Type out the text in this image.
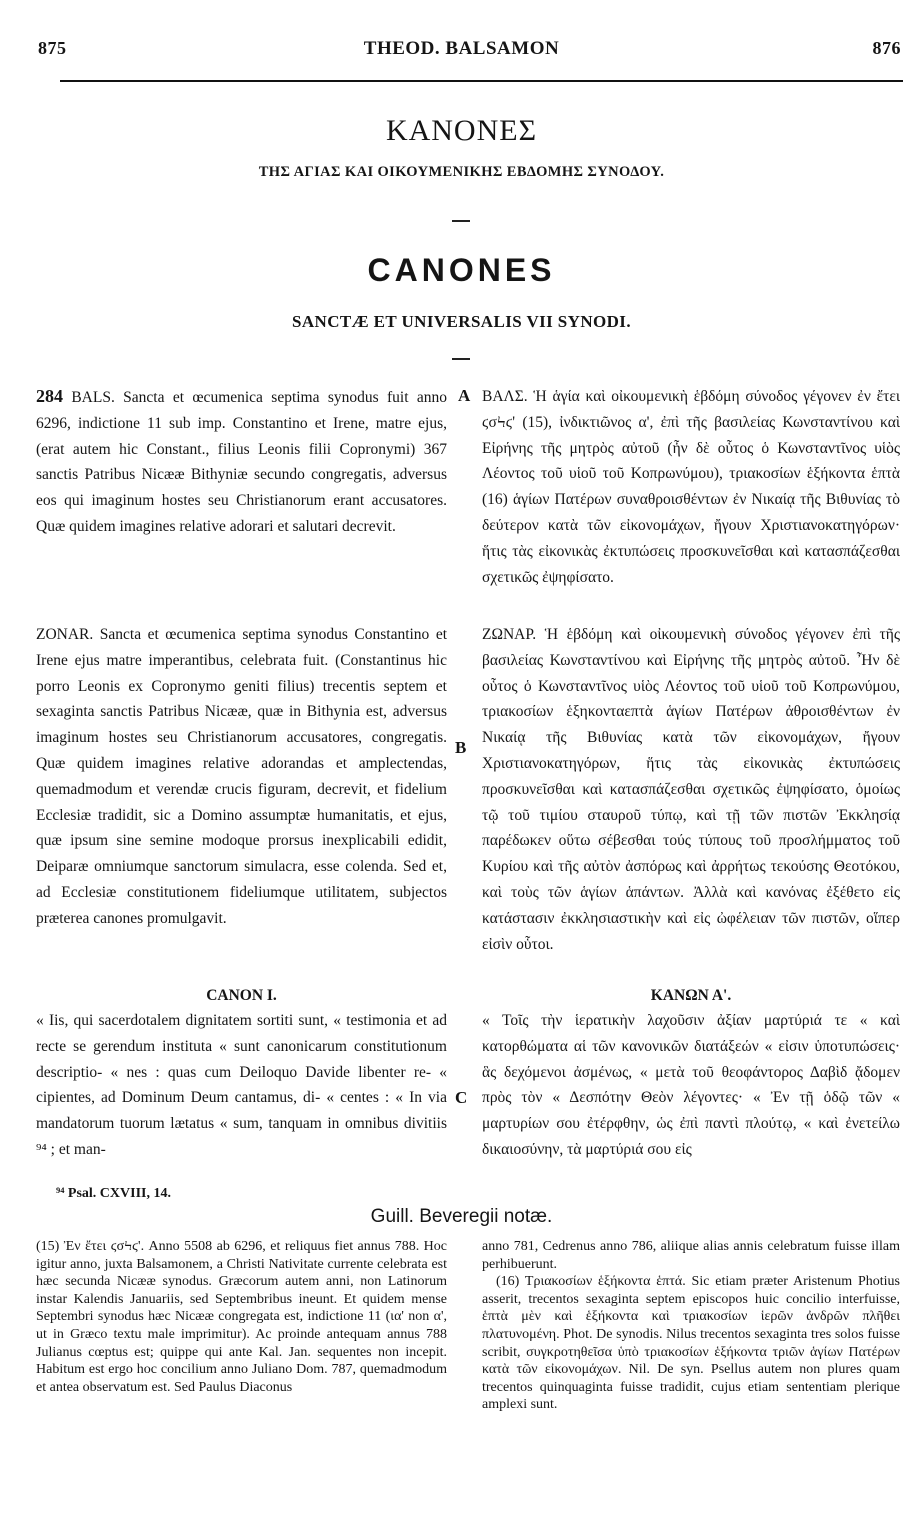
875	THEOD. BALSAMON	876
ΚΑΝΟΝΕΣ
ΤΗΣ ΑΓΙΑΣ ΚΑΙ ΟΙΚΟΥΜΕΝΙΚΗΣ ΕΒΔΟΜΗΣ ΣΥΝΟΔΟΥ.
CANONES
SANCTÆ ET UNIVERSALIS VII SYNODI.
A
B
C

284 BALS. Sancta et œcumenica septima synodus fuit anno 6296, indictione 11 sub imp. Constantino et Irene, matre ejus, (erat autem hic Constant., filius Leonis filii Copronymi) 367 sanctis Patribus Nicææ Bithyniæ secundo congregatis, adversus eos qui imaginum hostes seu Christianorum erant accusatores. Quæ quidem imagines relative adorari et salutari decrevit.

ZONAR. Sancta et œcumenica septima synodus Constantino et Irene ejus matre imperantibus, celebrata fuit. (Constantinus hic porro Leonis ex Copronymo geniti filius) trecentis septem et sexaginta sanctis Patribus Nicææ, quæ in Bithynia est, adversus imaginum hostes seu Christianorum accusatores, congregatis. Quæ quidem imagines relative adorandas et amplectendas, quemadmodum et verendæ crucis figuram, decrevit, et fidelium Ecclesiæ tradidit, sic a Domino assumptæ humanitatis, et ejus, quæ ipsum sine semine modoque prorsus inexplicabili edidit, Deiparæ omniumque sanctorum simulacra, esse colenda. Sed et, ad Ecclesiæ constitutionem fideliumque utilitatem, subjectos præterea canones promulgavit.

CANON I.

« Iis, qui sacerdotalem dignitatem sortiti sunt, « testimonia et ad recte se gerendum instituta « sunt canonicarum constitutionum descriptio- « nes : quas cum Deiloquo Davide libenter re- « cipientes, ad Dominum Deum cantamus, di- « centes : « In via mandatorum tuorum lætatus « sum, tanquam in omnibus divitiis ⁹⁴ ; et man-

⁹⁴ Psal. CXVIII, 14.

ΒΑΛΣ. Ἡ ἁγία καὶ οἰκουμενικὴ ἑβδόμη σύνοδος γέγονεν ἐν ἔτει ϛσϞϛ' (15), ἰνδικτιῶνος α', ἐπὶ τῆς βασιλείας Κωνσταντίνου καὶ Εἰρήνης τῆς μητρὸς αὐτοῦ (ἦν δὲ οὗτος ὁ Κωνσταντῖνος υἱὸς Λέοντος τοῦ υἱοῦ τοῦ Κοπρωνύμου), τριακοσίων ἑξήκοντα ἑπτὰ (16) ἁγίων Πατέρων συναθροισθέντων ἐν Νικαίᾳ τῆς Βιθυνίας τὸ δεύτερον κατὰ τῶν εἰκονομάχων, ἤγουν Χριστιανοκατηγόρων· ἥτις τὰς εἰκονικὰς ἐκτυπώσεις προσκυνεῖσθαι καὶ κατασπάζεσθαι σχετικῶς ἐψηφίσατο.

ΖΩΝΑΡ. Ἡ ἑβδόμη καὶ οἰκουμενικὴ σύνοδος γέγονεν ἐπὶ τῆς βασιλείας Κωνσταντίνου καὶ Εἰρήνης τῆς μητρὸς αὐτοῦ. Ἦν δὲ οὗτος ὁ Κωνσταντῖνος υἱὸς Λέοντος τοῦ υἱοῦ τοῦ Κοπρωνύμου, τριακοσίων ἑξηκονταεπτὰ ἁγίων Πατέρων ἀθροισθέντων ἐν Νικαίᾳ τῆς Βιθυνίας κατὰ τῶν εἰκονομάχων, ἤγουν Χριστιανοκατηγόρων, ἥτις τὰς εἰκονικὰς ἐκτυπώσεις προσκυνεῖσθαι καὶ κατασπάζεσθαι σχετικῶς ἐψηφίσατο, ὁμοίως τῷ τοῦ τιμίου σταυροῦ τύπῳ, καὶ τῇ τῶν πιστῶν Ἐκκλησίᾳ παρέδωκεν οὕτω σέβεσθαι τούς τύπους τοῦ προσλήμματος τοῦ Κυρίου καὶ τῆς αὐτὸν ἀσπόρως καὶ ἀρρήτως τεκούσης Θεοτόκου, καὶ τοὺς τῶν ἁγίων ἁπάντων. Ἀλλὰ καὶ κανόνας ἐξέθετο εἰς κατάστασιν ἐκκλησιαστικὴν καὶ εἰς ὠφέλειαν τῶν πιστῶν, οἵπερ εἰσὶν οὗτοι.

ΚΑΝΩΝ Α'.

« Τοῖς τὴν ἱερατικὴν λαχοῦσιν ἀξίαν μαρτύριά τε « καὶ κατορθώματα αἱ τῶν κανονικῶν διατάξεών « εἰσιν ὑποτυπώσεις· ἃς δεχόμενοι ἀσμένως, « μετὰ τοῦ θεοφάντορος Δαβὶδ ᾄδομεν πρὸς τὸν « Δεσπότην Θεὸν λέγοντες· « Ἐν τῇ ὁδῷ τῶν « μαρτυρίων σου ἐτέρφθην, ὡς ἐπὶ παντὶ πλούτῳ, « καὶ ἐνετείλω δικαιοσύνην, τὰ μαρτύριά σου εἰς

Guill. Beveregii notæ.

(15) Ἐν ἔτει ϛσϞϛ'. Anno 5508 ab 6296, et reliquus fiet annus 788. Hoc igitur anno, juxta Balsamonem, a Christi Nativitate currente celebrata est hæc secunda Nicææ synodus. Græcorum autem anni, non Latinorum instar Kalendis Januariis, sed Septembribus ineunt. Et quidem mense Septembri synodus hæc Nicææ congregata est, indictione 11 (ια' non α', ut in Græco textu male imprimitur). Ac proinde antequam annus 788 Julianus cœptus est; quippe qui ante Kal. Jan. sequentes non incepit. Habitum est ergo hoc concilium anno Juliano Dom. 787, quemadmodum et antea observatum est. Sed Paulus Diaconus

anno 781, Cedrenus anno 786, aliique alias annis celebratum fuisse illam perhibuerunt.

(16) Τριακοσίων ἑξήκοντα ἑπτά. Sic etiam præter Aristenum Photius asserit, trecentos sexaginta septem episcopos huic concilio interfuisse, ἑπτὰ μὲν καὶ ἑξήκοντα καὶ τριακοσίων ἱερῶν ἀνδρῶν πλῆθει πλατυνομένη. Phot. De synodis. Nilus trecentos sexaginta tres solos fuisse scribit, συγκροτηθεῖσα ὑπὸ τριακοσίων ἑξήκοντα τριῶν ἁγίων Πατέρων κατὰ τῶν εἰκονομάχων. Nil. De syn. Psellus autem non plures quam trecentos quinquaginta fuisse tradidit, cujus etiam sententiam plerique amplexi sunt.
